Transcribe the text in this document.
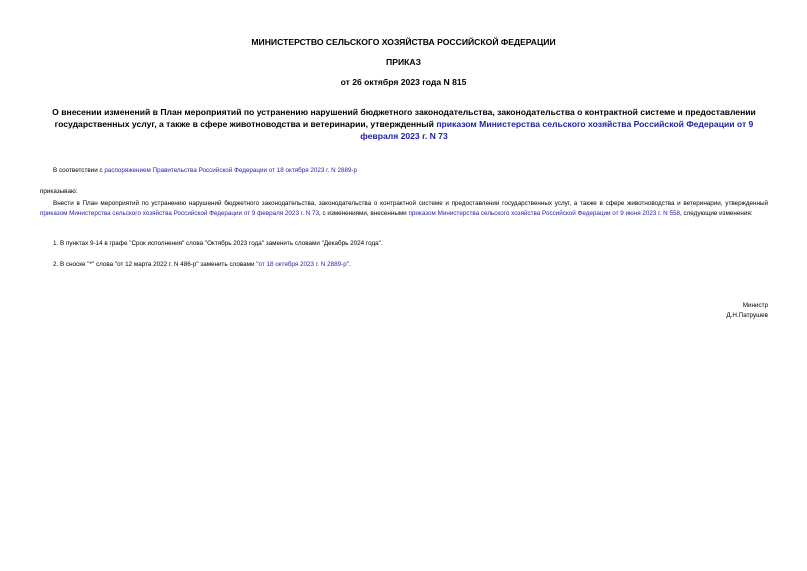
МИНИСТЕРСТВО СЕЛЬСКОГО ХОЗЯЙСТВА РОССИЙСКОЙ ФЕДЕРАЦИИ
ПРИКАЗ
от 26 октября 2023 года N 815
О внесении изменений в План мероприятий по устранению нарушений бюджетного законодательства, законодательства о контрактной системе и предоставлении государственных услуг, а также в сфере животноводства и ветеринарии, утвержденный приказом Министерства сельского хозяйства Российской Федерации от 9 февраля 2023 г. N 73
В соответствии с распоряжением Правительства Российской Федерации от 18 октября 2023 г. N 2889-р
приказываю:
Внести в План мероприятий по устранению нарушений бюджетного законодательства, законодательства о контрактной системе и предоставлении государственных услуг, а также в сфере животноводства и ветеринарии, утвержденный приказом Министерства сельского хозяйства Российской Федерации от 9 февраля 2023 г. N 73, с изменениями, внесенными приказом Министерства сельского хозяйства Российской Федерации от 9 июня 2023 г. N 558, следующие изменения:
1. В пунктах 9-14 в графе "Срок исполнения" слова "Октябрь 2023 года" заменить словами "Декабрь 2024 года".
2. В сноске "*" слова "от 12 марта 2022 г. N 486-р" заменить словами "от 18 октября 2023 г. N 2889-р".
Министр
Д.Н.Патрушев
